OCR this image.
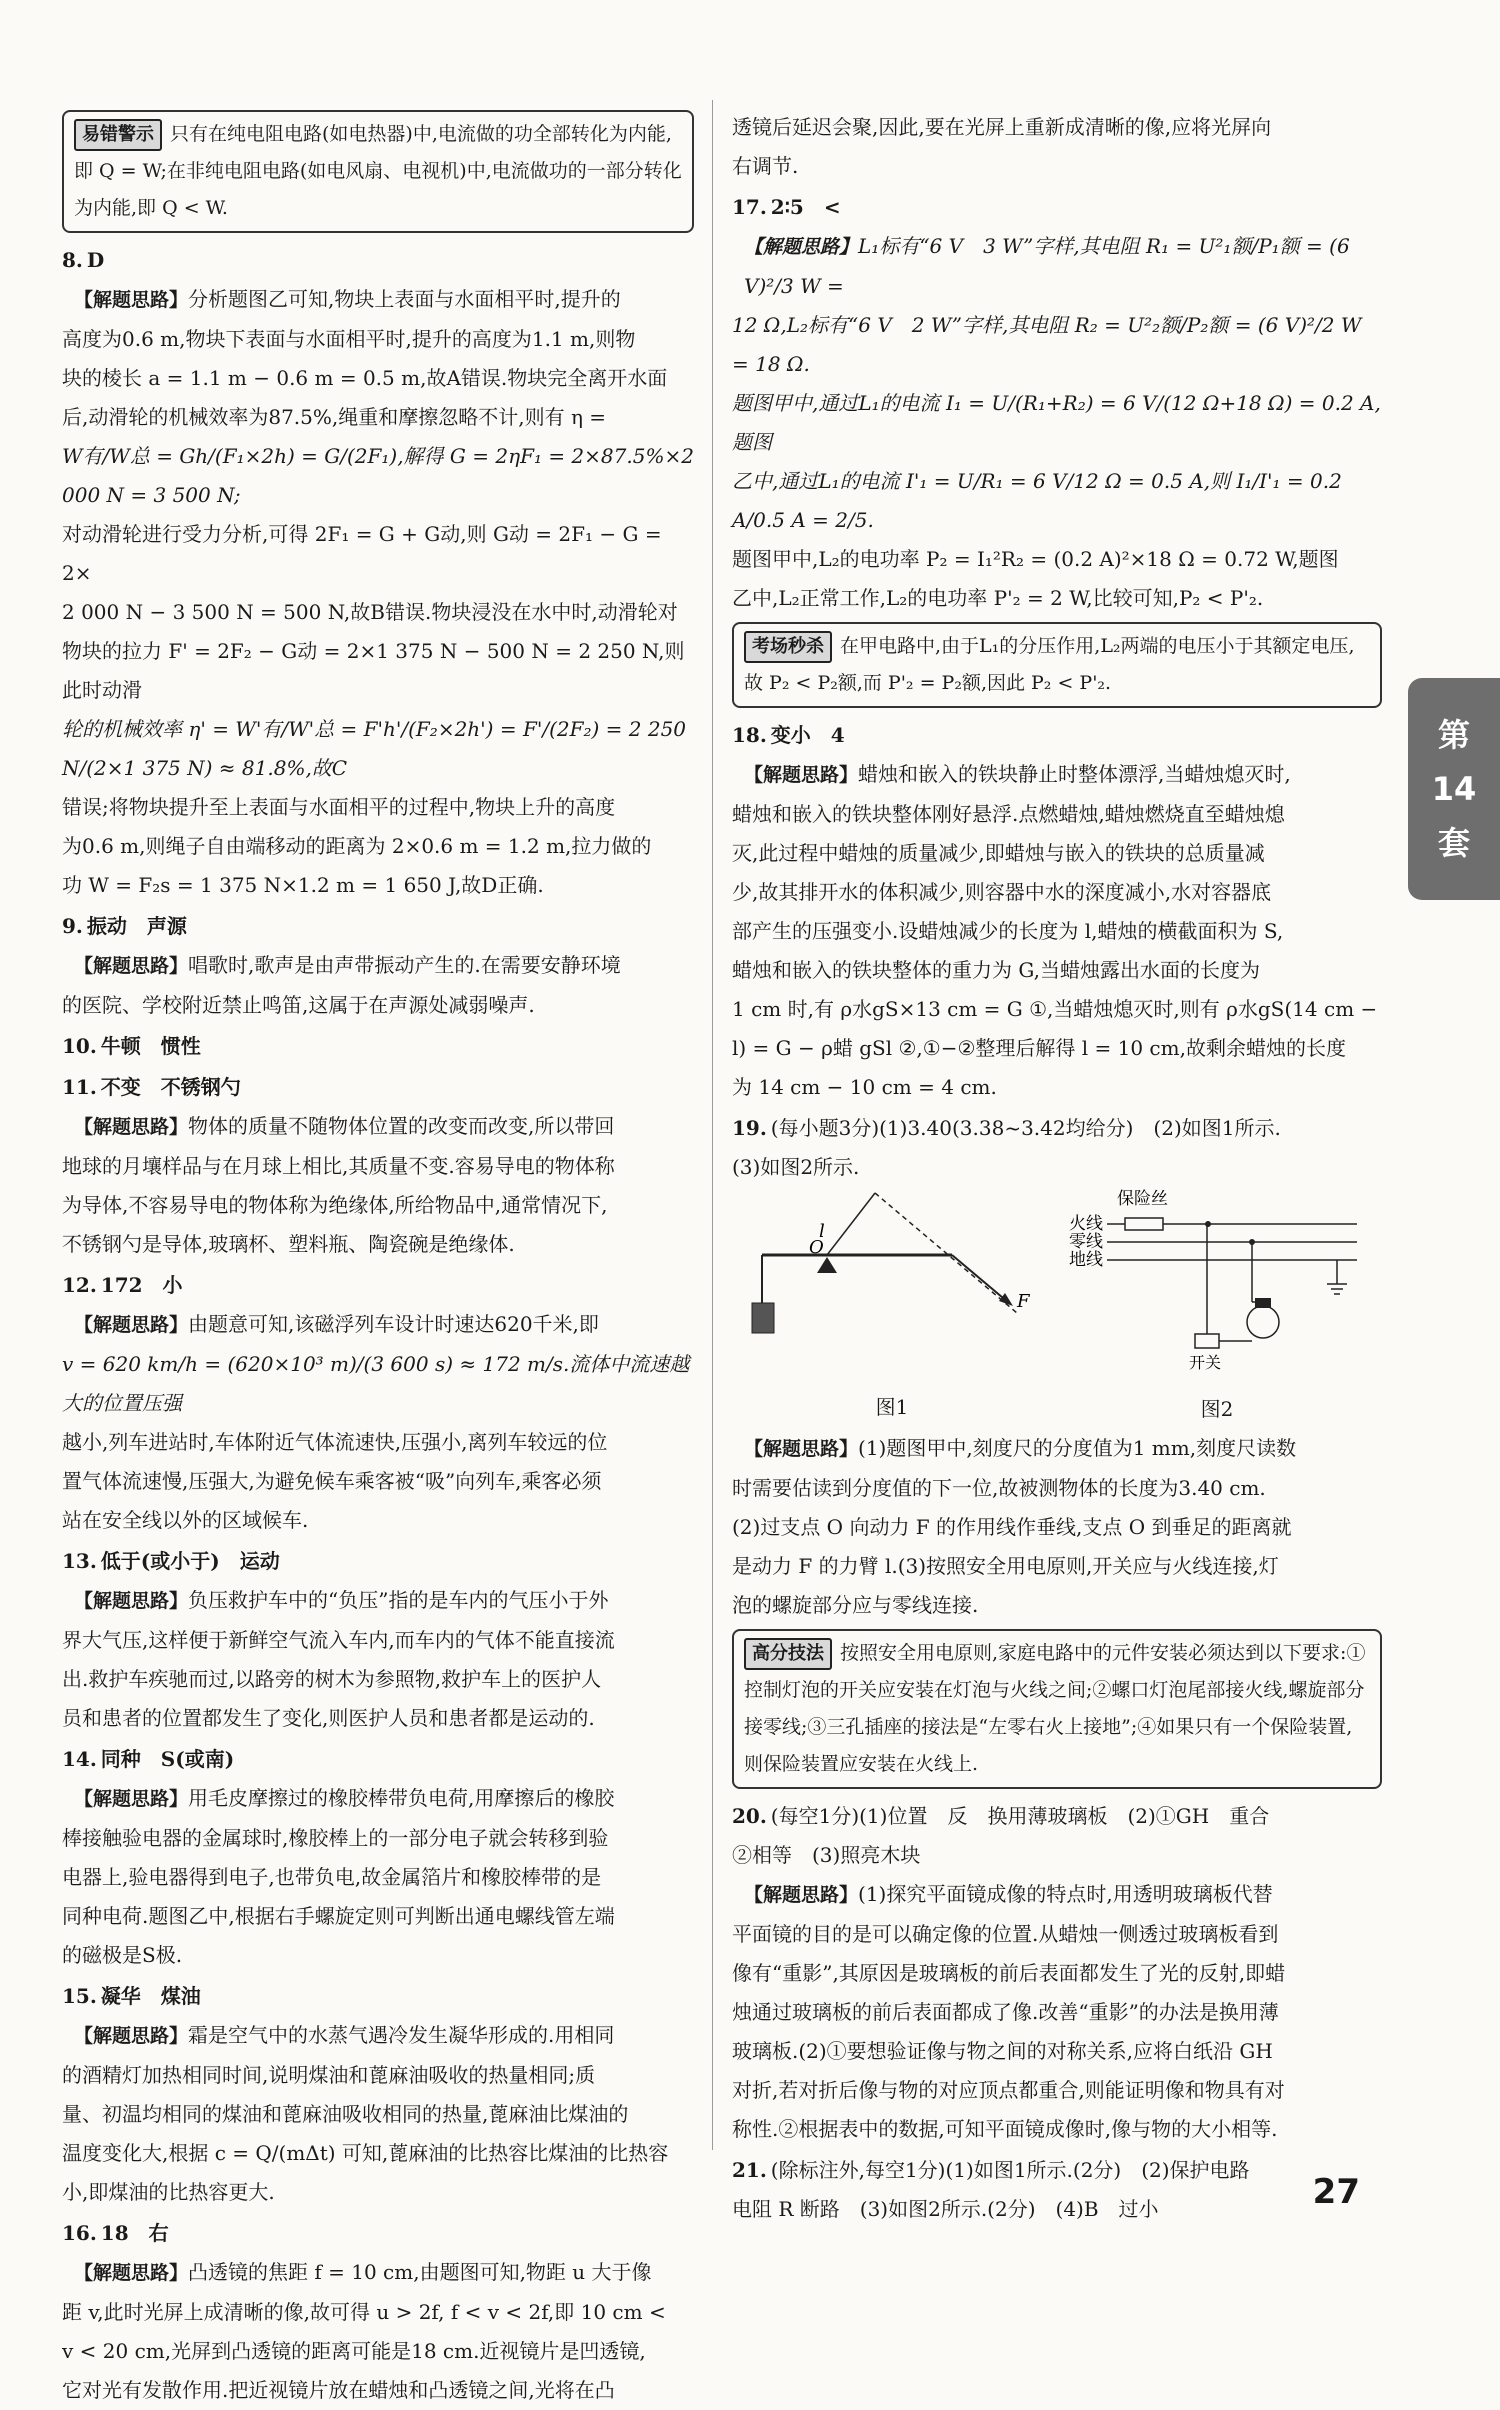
易错警示 只有在纯电阻电路(如电热器)中,电流做的功全部转化为内能,即 Q = W;在非纯电阻电路(如电风扇、电视机)中,电流做功的一部分转化为内能,即 Q < W.

8. D

【解题思路】分析题图乙可知,物块上表面与水面相平时,提升的

高度为0.6 m,物块下表面与水面相平时,提升的高度为1.1 m,则物

块的棱长 a = 1.1 m − 0.6 m = 0.5 m,故A错误.物块完全离开水面

后,动滑轮的机械效率为87.5%,绳重和摩擦忽略不计,则有 η =

W有/W总 = Gh/(F₁×2h) = G/(2F₁),解得 G = 2ηF₁ = 2×87.5%×2 000 N = 3 500 N;

对动滑轮进行受力分析,可得 2F₁ = G + G动,则 G动 = 2F₁ − G = 2×

2 000 N − 3 500 N = 500 N,故B错误.物块浸没在水中时,动滑轮对

物块的拉力 F' = 2F₂ − G动 = 2×1 375 N − 500 N = 2 250 N,则此时动滑

轮的机械效率 η' = W'有/W'总 = F'h'/(F₂×2h') = F'/(2F₂) = 2 250 N/(2×1 375 N) ≈ 81.8%,故C

错误;将物块提升至上表面与水面相平的过程中,物块上升的高度

为0.6 m,则绳子自由端移动的距离为 2×0.6 m = 1.2 m,拉力做的

功 W = F₂s = 1 375 N×1.2 m = 1 650 J,故D正确.

9. 振动　声源

【解题思路】唱歌时,歌声是由声带振动产生的.在需要安静环境

的医院、学校附近禁止鸣笛,这属于在声源处减弱噪声.

10. 牛顿　惯性

11. 不变　不锈钢勺

【解题思路】物体的质量不随物体位置的改变而改变,所以带回

地球的月壤样品与在月球上相比,其质量不变.容易导电的物体称

为导体,不容易导电的物体称为绝缘体,所给物品中,通常情况下,

不锈钢勺是导体,玻璃杯、塑料瓶、陶瓷碗是绝缘体.

12. 172　小

【解题思路】由题意可知,该磁浮列车设计时速达620千米,即

v = 620 km/h = (620×10³ m)/(3 600 s) ≈ 172 m/s.流体中流速越大的位置压强

越小,列车进站时,车体附近气体流速快,压强小,离列车较远的位

置气体流速慢,压强大,为避免候车乘客被“吸”向列车,乘客必须

站在安全线以外的区域候车.

13. 低于(或小于)　运动

【解题思路】负压救护车中的“负压”指的是车内的气压小于外

界大气压,这样便于新鲜空气流入车内,而车内的气体不能直接流

出.救护车疾驰而过,以路旁的树木为参照物,救护车上的医护人

员和患者的位置都发生了变化,则医护人员和患者都是运动的.

14. 同种　S(或南)

【解题思路】用毛皮摩擦过的橡胶棒带负电荷,用摩擦后的橡胶

棒接触验电器的金属球时,橡胶棒上的一部分电子就会转移到验

电器上,验电器得到电子,也带负电,故金属箔片和橡胶棒带的是

同种电荷.题图乙中,根据右手螺旋定则可判断出通电螺线管左端

的磁极是S极.

15. 凝华　煤油

【解题思路】霜是空气中的水蒸气遇冷发生凝华形成的.用相同

的酒精灯加热相同时间,说明煤油和蓖麻油吸收的热量相同;质

量、初温均相同的煤油和蓖麻油吸收相同的热量,蓖麻油比煤油的

温度变化大,根据 c = Q/(mΔt) 可知,蓖麻油的比热容比煤油的比热容

小,即煤油的比热容更大.

16. 18　右

【解题思路】凸透镜的焦距 f = 10 cm,由题图可知,物距 u 大于像

距 v,此时光屏上成清晰的像,故可得 u > 2f, f < v < 2f,即 10 cm <

v < 20 cm,光屏到凸透镜的距离可能是18 cm.近视镜片是凹透镜,

它对光有发散作用.把近视镜片放在蜡烛和凸透镜之间,光将在凸

透镜后延迟会聚,因此,要在光屏上重新成清晰的像,应将光屏向

右调节.

17. 2∶5　<

【解题思路】L₁标有“6 V　3 W”字样,其电阻 R₁ = U²₁额/P₁额 = (6 V)²/3 W =

12 Ω,L₂标有“6 V　2 W”字样,其电阻 R₂ = U²₂额/P₂额 = (6 V)²/2 W = 18 Ω.

题图甲中,通过L₁的电流 I₁ = U/(R₁+R₂) = 6 V/(12 Ω+18 Ω) = 0.2 A,题图

乙中,通过L₁的电流 I'₁ = U/R₁ = 6 V/12 Ω = 0.5 A,则 I₁/I'₁ = 0.2 A/0.5 A = 2/5.

题图甲中,L₂的电功率 P₂ = I₁²R₂ = (0.2 A)²×18 Ω = 0.72 W,题图

乙中,L₂正常工作,L₂的电功率 P'₂ = 2 W,比较可知,P₂ < P'₂.

考场秒杀 在甲电路中,由于L₁的分压作用,L₂两端的电压小于其额定电压,故 P₂ < P₂额,而 P'₂ = P₂额,因此 P₂ < P'₂.

18. 变小　4

【解题思路】蜡烛和嵌入的铁块静止时整体漂浮,当蜡烛熄灭时,

蜡烛和嵌入的铁块整体刚好悬浮.点燃蜡烛,蜡烛燃烧直至蜡烛熄

灭,此过程中蜡烛的质量减少,即蜡烛与嵌入的铁块的总质量减

少,故其排开水的体积减少,则容器中水的深度减小,水对容器底

部产生的压强变小.设蜡烛减少的长度为 l,蜡烛的横截面积为 S,

蜡烛和嵌入的铁块整体的重力为 G,当蜡烛露出水面的长度为

1 cm 时,有 ρ水gS×13 cm = G ①,当蜡烛熄灭时,则有 ρ水gS(14 cm −

l) = G − ρ蜡 gSl ②,①−②整理后解得 l = 10 cm,故剩余蜡烛的长度

为 14 cm − 10 cm = 4 cm.

19. (每小题3分)(1)3.40(3.38~3.42均给分)　(2)如图1所示.

(3)如图2所示.

l
O
F
图1
保险丝
火线
零线
地线
开关
图2

【解题思路】(1)题图甲中,刻度尺的分度值为1 mm,刻度尺读数

时需要估读到分度值的下一位,故被测物体的长度为3.40 cm.

(2)过支点 O 向动力 F 的作用线作垂线,支点 O 到垂足的距离就

是动力 F 的力臂 l.(3)按照安全用电原则,开关应与火线连接,灯

泡的螺旋部分应与零线连接.

高分技法 按照安全用电原则,家庭电路中的元件安装必须达到以下要求:①控制灯泡的开关应安装在灯泡与火线之间;②螺口灯泡尾部接火线,螺旋部分接零线;③三孔插座的接法是“左零右火上接地”;④如果只有一个保险装置,则保险装置应安装在火线上.

20. (每空1分)(1)位置　反　换用薄玻璃板　(2)①GH　重合

②相等　(3)照亮木块

【解题思路】(1)探究平面镜成像的特点时,用透明玻璃板代替

平面镜的目的是可以确定像的位置.从蜡烛一侧透过玻璃板看到

像有“重影”,其原因是玻璃板的前后表面都发生了光的反射,即蜡

烛通过玻璃板的前后表面都成了像.改善“重影”的办法是换用薄

玻璃板.(2)①要想验证像与物之间的对称关系,应将白纸沿 GH

对折,若对折后像与物的对应顶点都重合,则能证明像和物具有对

称性.②根据表中的数据,可知平面镜成像时,像与物的大小相等.

21. (除标注外,每空1分)(1)如图1所示.(2分)　(2)保护电路

电阻 R 断路　(3)如图2所示.(2分)　(4)B　过小

第
14
套
27
